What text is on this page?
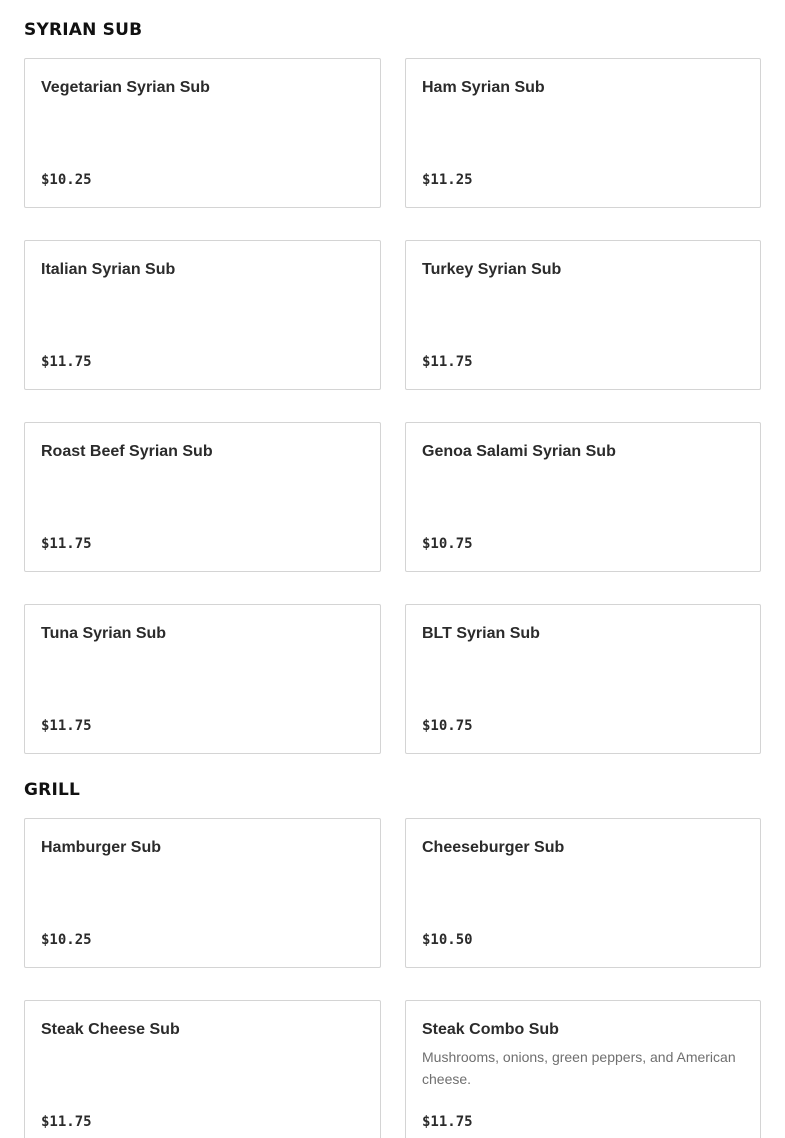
SYRIAN SUB
Vegetarian Syrian Sub
$10.25
Ham Syrian Sub
$11.25
Italian Syrian Sub
$11.75
Turkey Syrian Sub
$11.75
Roast Beef Syrian Sub
$11.75
Genoa Salami Syrian Sub
$10.75
Tuna Syrian Sub
$11.75
BLT Syrian Sub
$10.75
GRILL
Hamburger Sub
$10.25
Cheeseburger Sub
$10.50
Steak Cheese Sub
$11.75
Steak Combo Sub
Mushrooms, onions, green peppers, and American cheese.
$11.75
